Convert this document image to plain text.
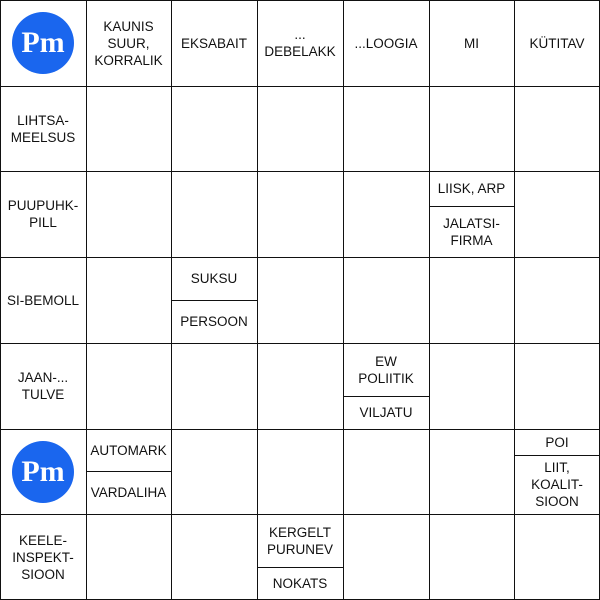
KAUNIS
SUUR,
KORRALIK
EKSABAIT
... DEBELAKK
...LOOGIA	MI	KÜTITAV
LIHTSA-
MEELSUS
PUUPUHK-
PILL
LIISK, ARP
JALATSI-
FIRMA
SI-BEMOLL
SUKSU
PERSOON
JAAN-...
TULVE
EW
POLIITIK
VILJATU
AUTOMARK
VARDALIHA
POI
LIIT,
KOALIT-
SIOON
KEELE-
INSPEKT-
SIOON
KERGELT
PURUNEV
NOKATS
Pm
Pm
